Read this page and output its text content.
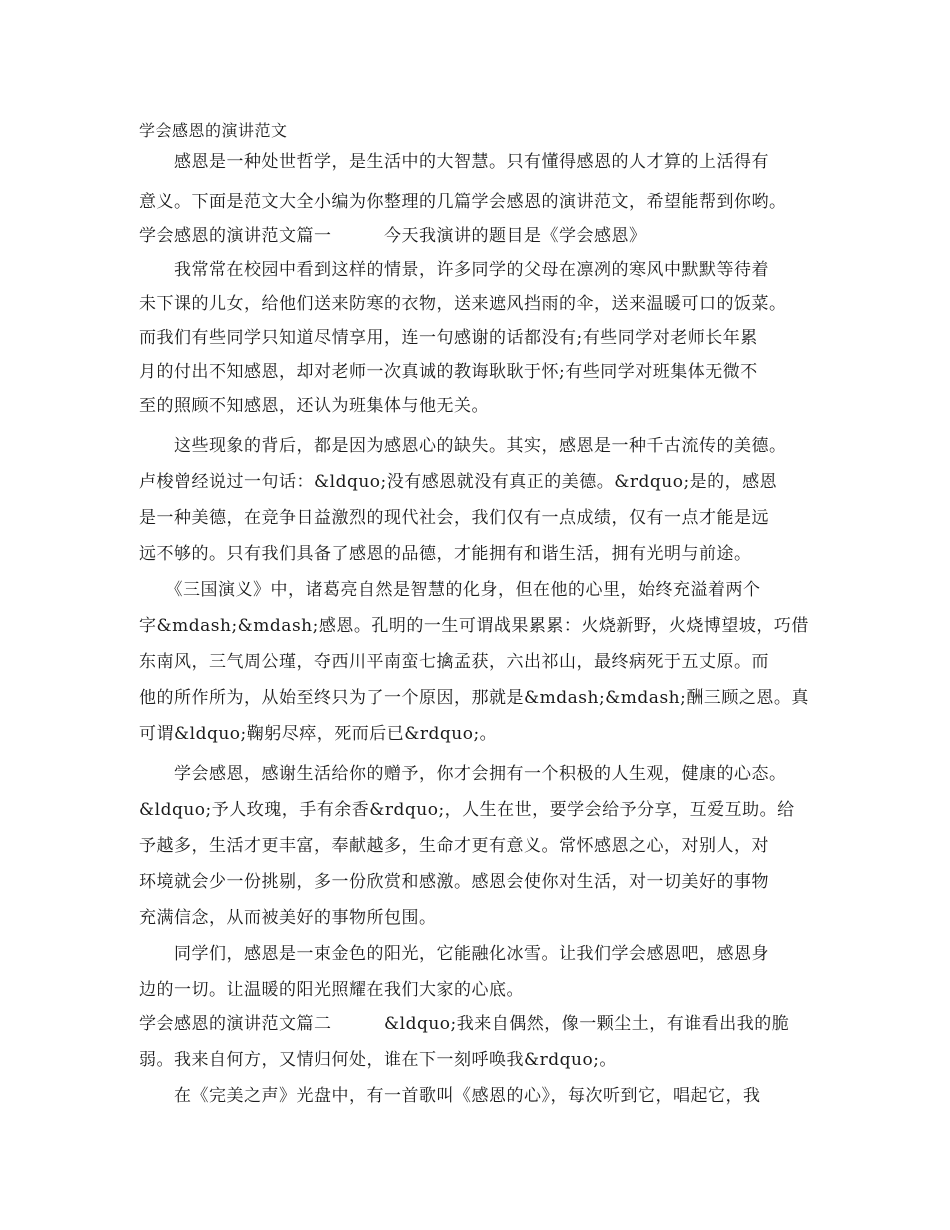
学会感恩的演讲范文
　　感恩是一种处世哲学，是生活中的大智慧。只有懂得感恩的人才算的上活得有
意义。下面是范文大全小编为你整理的几篇学会感恩的演讲范文，希望能帮到你哟。
学会感恩的演讲范文篇一　　　今天我演讲的题目是《学会感恩》
　　我常常在校园中看到这样的情景，许多同学的父母在凛冽的寒风中默默等待着
未下课的儿女，给他们送来防寒的衣物，送来遮风挡雨的伞，送来温暖可口的饭菜。
而我们有些同学只知道尽情享用，连一句感谢的话都没有;有些同学对老师长年累
月的付出不知感恩，却对老师一次真诚的教诲耿耿于怀;有些同学对班集体无微不
至的照顾不知感恩，还认为班集体与他无关。
　　这些现象的背后，都是因为感恩心的缺失。其实，感恩是一种千古流传的美德。
卢梭曾经说过一句话：&ldquo;没有感恩就没有真正的美德。&rdquo;是的，感恩
是一种美德，在竞争日益激烈的现代社会，我们仅有一点成绩，仅有一点才能是远
远不够的。只有我们具备了感恩的品德，才能拥有和谐生活，拥有光明与前途。
　　《三国演义》中，诸葛亮自然是智慧的化身，但在他的心里，始终充溢着两个
字&mdash;&mdash;感恩。孔明的一生可谓战果累累：火烧新野，火烧博望坡，巧借
东南风，三气周公瑾，夺西川平南蛮七擒孟获，六出祁山，最终病死于五丈原。而
他的所作所为，从始至终只为了一个原因，那就是&mdash;&mdash;酬三顾之恩。真
可谓&ldquo;鞠躬尽瘁，死而后已&rdquo;。
　　学会感恩，感谢生活给你的赠予，你才会拥有一个积极的人生观，健康的心态。
&ldquo;予人玫瑰，手有余香&rdquo;，人生在世，要学会给予分享，互爱互助。给
予越多，生活才更丰富，奉献越多，生命才更有意义。常怀感恩之心，对别人，对
环境就会少一份挑剔，多一份欣赏和感激。感恩会使你对生活，对一切美好的事物
充满信念，从而被美好的事物所包围。
　　同学们，感恩是一束金色的阳光，它能融化冰雪。让我们学会感恩吧，感恩身
边的一切。让温暖的阳光照耀在我们大家的心底。
学会感恩的演讲范文篇二　　　&ldquo;我来自偶然，像一颗尘土，有谁看出我的脆
弱。我来自何方，又情归何处，谁在下一刻呼唤我&rdquo;。
　　在《完美之声》光盘中，有一首歌叫《感恩的心》，每次听到它，唱起它，我
